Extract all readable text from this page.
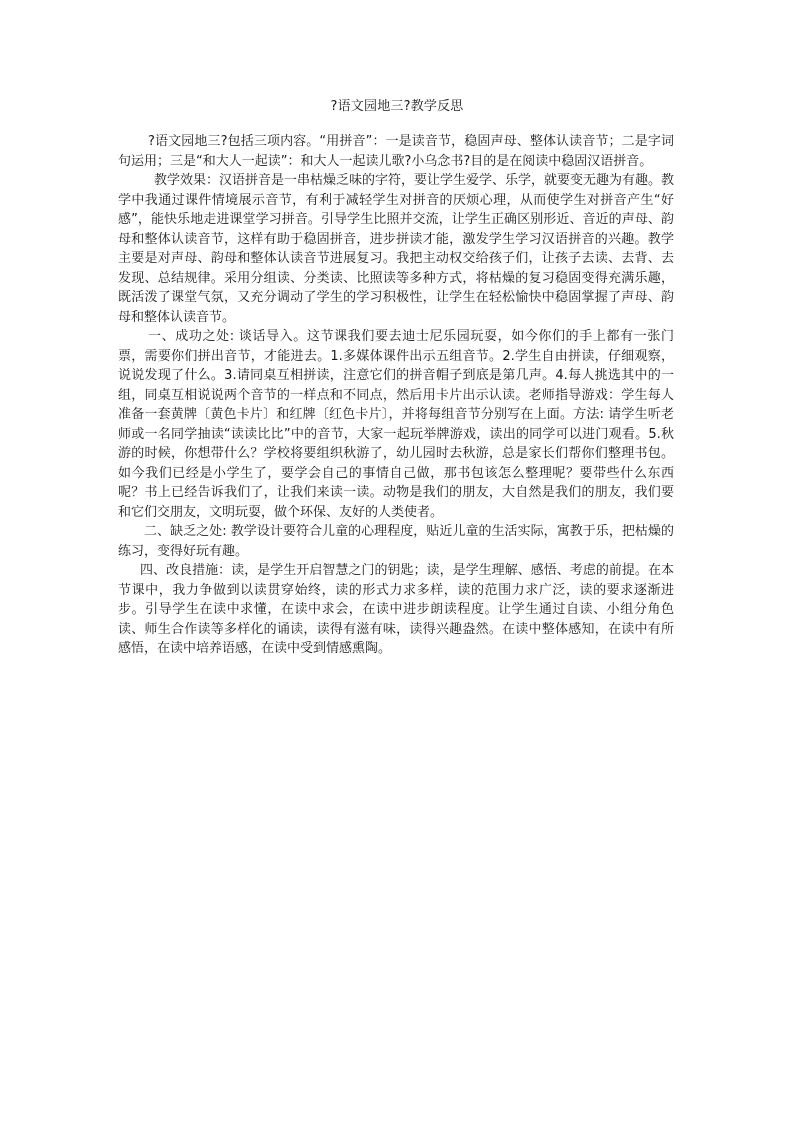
?语文园地三?教学反思

?语文园地三?包括三项内容。“用拼音”：一是读音节，稳固声母、整体认读音节；二是字词句运用；三是“和大人一起读”：和大人一起读儿歌?小乌念书?目的是在阅读中稳固汉语拼音。

教学效果：汉语拼音是一串枯燥乏味的字符，要让学生爱学、乐学，就要变无趣为有趣。教学中我通过课件情境展示音节，有利于减轻学生对拼音的厌烦心理，从而使学生对拼音产生“好感”，能快乐地走进课堂学习拼音。引导学生比照并交流，让学生正确区别形近、音近的声母、韵母和整体认读音节，这样有助于稳固拼音，进步拼读才能，激发学生学习汉语拼音的兴趣。教学主要是对声母、韵母和整体认读音节进展复习。我把主动权交给孩子们，让孩子去读、去背、去发现、总结规律。采用分组读、分类读、比照读等多种方式，将枯燥的复习稳固变得充满乐趣，既活泼了课堂气氛，又充分调动了学生的学习积极性，让学生在轻松愉快中稳固掌握了声母、韵母和整体认读音节。

一、成功之处: 谈话导入。这节课我们要去迪士尼乐园玩耍，如今你们的手上都有一张门票，需要你们拼出音节，才能进去。1.多媒体课件出示五组音节。2.学生自由拼读，仔细观察，说说发现了什么。3.请同桌互相拼读，注意它们的拼音帽子到底是第几声。4.每人挑选其中的一组，同桌互相说说两个音节的一样点和不同点，然后用卡片出示认读。老师指导游戏：学生每人准备一套黄牌〔黄色卡片〕和红牌〔红色卡片〕，并将每组音节分别写在上面。方法: 请学生听老师或一名同学抽读“读读比比”中的音节，大家一起玩举牌游戏，读出的同学可以进门观看。5.秋游的时候，你想带什么？学校将要组织秋游了，幼儿园时去秋游，总是家长们帮你们整理书包。如今我们已经是小学生了，要学会自己的事情自己做，那书包该怎么整理呢？要带些什么东西呢？书上已经告诉我们了，让我们来读一读。动物是我们的朋友，大自然是我们的朋友，我们要和它们交朋友，文明玩耍，做个环保、友好的人类使者。

二、缺乏之处: 教学设计要符合儿童的心理程度，贴近儿童的生活实际，寓教于乐，把枯燥的练习，变得好玩有趣。

四、改良措施：读，是学生开启智慧之门的钥匙；读，是学生理解、感悟、考虑的前提。在本节课中，我力争做到以读贯穿始终，读的形式力求多样，读的范围力求广泛，读的要求逐渐进步。引导学生在读中求懂，在读中求会，在读中进步朗读程度。让学生通过自读、小组分角色读、师生合作读等多样化的诵读，读得有滋有味，读得兴趣盎然。在读中整体感知，在读中有所感悟，在读中培养语感，在读中受到情感熏陶。
